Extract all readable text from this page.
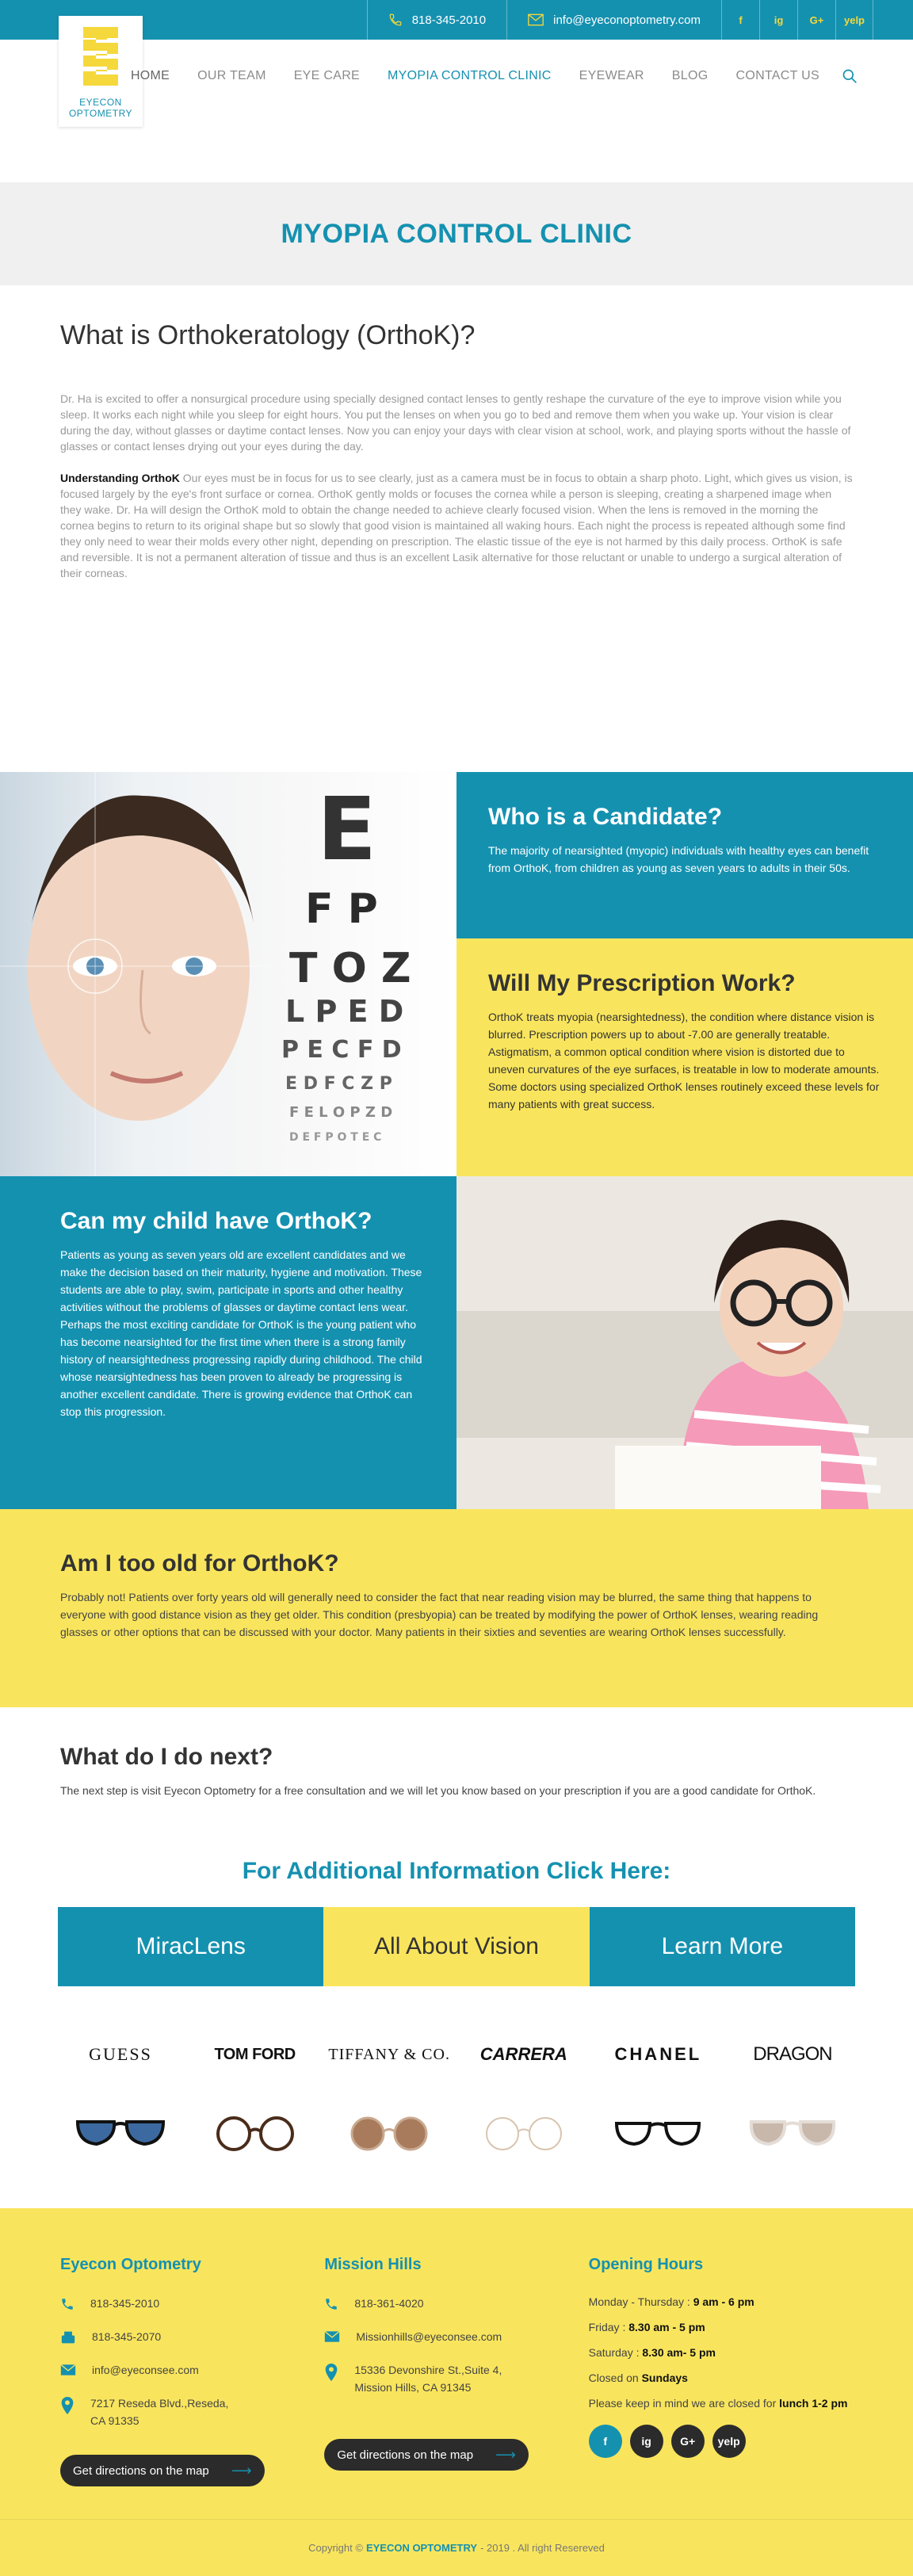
818-345-2010	info@eyeconoptometry.com	f	ig	G+	yelp
EYECON
OPTOMETRY
HOME OUR TEAM EYE CARE MYOPIA CONTROL CLINIC EYEWEAR BLOG CONTACT US
MYOPIA CONTROL CLINIC
What is Orthokeratology (OrthoK)?

Dr. Ha is excited to offer a nonsurgical procedure using specially designed contact lenses to gently reshape the curvature of the eye to improve vision while you sleep. It works each night while you sleep for eight hours. You put the lenses on when you go to bed and remove them when you wake up. Your vision is clear during the day, without glasses or daytime contact lenses. Now you can enjoy your days with clear vision at school, work, and playing sports without the hassle of glasses or contact lenses drying out your eyes during the day.

Understanding OrthoK Our eyes must be in focus for us to see clearly, just as a camera must be in focus to obtain a sharp photo. Light, which gives us vision, is focused largely by the eye's front surface or cornea. OrthoK gently molds or focuses the cornea while a person is sleeping, creating a sharpened image when they wake. Dr. Ha will design the OrthoK mold to obtain the change needed to achieve clearly focused vision. When the lens is removed in the morning the cornea begins to return to its original shape but so slowly that good vision is maintained all waking hours. Each night the process is repeated although some find they only need to wear their molds every other night, depending on prescription. The elastic tissue of the eye is not harmed by this daily process. OrthoK is safe and reversible. It is not a permanent alteration of tissue and thus is an excellent Lasik alternative for those reluctant or unable to undergo a surgical alteration of their corneas.

E
F P
T O Z
L P E D
P E C F D
E D F C Z P
F E L O P Z D
D E F P O T E C
Who is a Candidate?

The majority of nearsighted (myopic) individuals with healthy eyes can benefit from OrthoK, from children as young as seven years to adults in their 50s.

Will My Prescription Work?

OrthoK treats myopia (nearsightedness), the condition where distance vision is blurred. Prescription powers up to about -7.00 are generally treatable. Astigmatism, a common optical condition where vision is distorted due to uneven curvatures of the eye surfaces, is treatable in low to moderate amounts. Some doctors using specialized OrthoK lenses routinely exceed these levels for many patients with great success.

Can my child have OrthoK?

Patients as young as seven years old are excellent candidates and we make the decision based on their maturity, hygiene and motivation. These students are able to play, swim, participate in sports and other healthy activities without the problems of glasses or daytime contact lens wear. Perhaps the most exciting candidate for OrthoK is the young patient who has become nearsighted for the first time when there is a strong family history of nearsightedness progressing rapidly during childhood. The child whose nearsightedness has been proven to already be progressing is another excellent candidate. There is growing evidence that OrthoK can stop this progression.

Am I too old for OrthoK?

Probably not! Patients over forty years old will generally need to consider the fact that near reading vision may be blurred, the same thing that happens to everyone with good distance vision as they get older. This condition (presbyopia) can be treated by modifying the power of OrthoK lenses, wearing reading glasses or other options that can be discussed with your doctor. Many patients in their sixties and seventies are wearing OrthoK lenses successfully.

What do I do next?

The next step is visit Eyecon Optometry for a free consultation and we will let you know based on your prescription if you are a good candidate for OrthoK.

For Additional Information Click Here:
MiracLens	All About Vision	Learn More
GUESS	TOM FORD	TIFFANY & CO.	CARRERA	CHANEL	DRAGON
Eyecon Optometry
818-345-2010
818-345-2070
info@eyeconsee.com
7217 Reseda Blvd.,Reseda,
CA 91335
Get directions on the map ⟶
Mission Hills
818-361-4020
Missionhills@eyeconsee.com
15336 Devonshire St.,Suite 4,
Mission Hills, CA 91345
Get directions on the map ⟶
Opening Hours

Monday - Thursday : 9 am - 6 pm

Friday : 8.30 am - 5 pm

Saturday : 8.30 am- 5 pm

Closed on Sundays

Please keep in mind we are closed for lunch 1-2 pm

f	ig	G+	yelp
Copyright © EYECON OPTOMETRY - 2019 . All right Resereved
